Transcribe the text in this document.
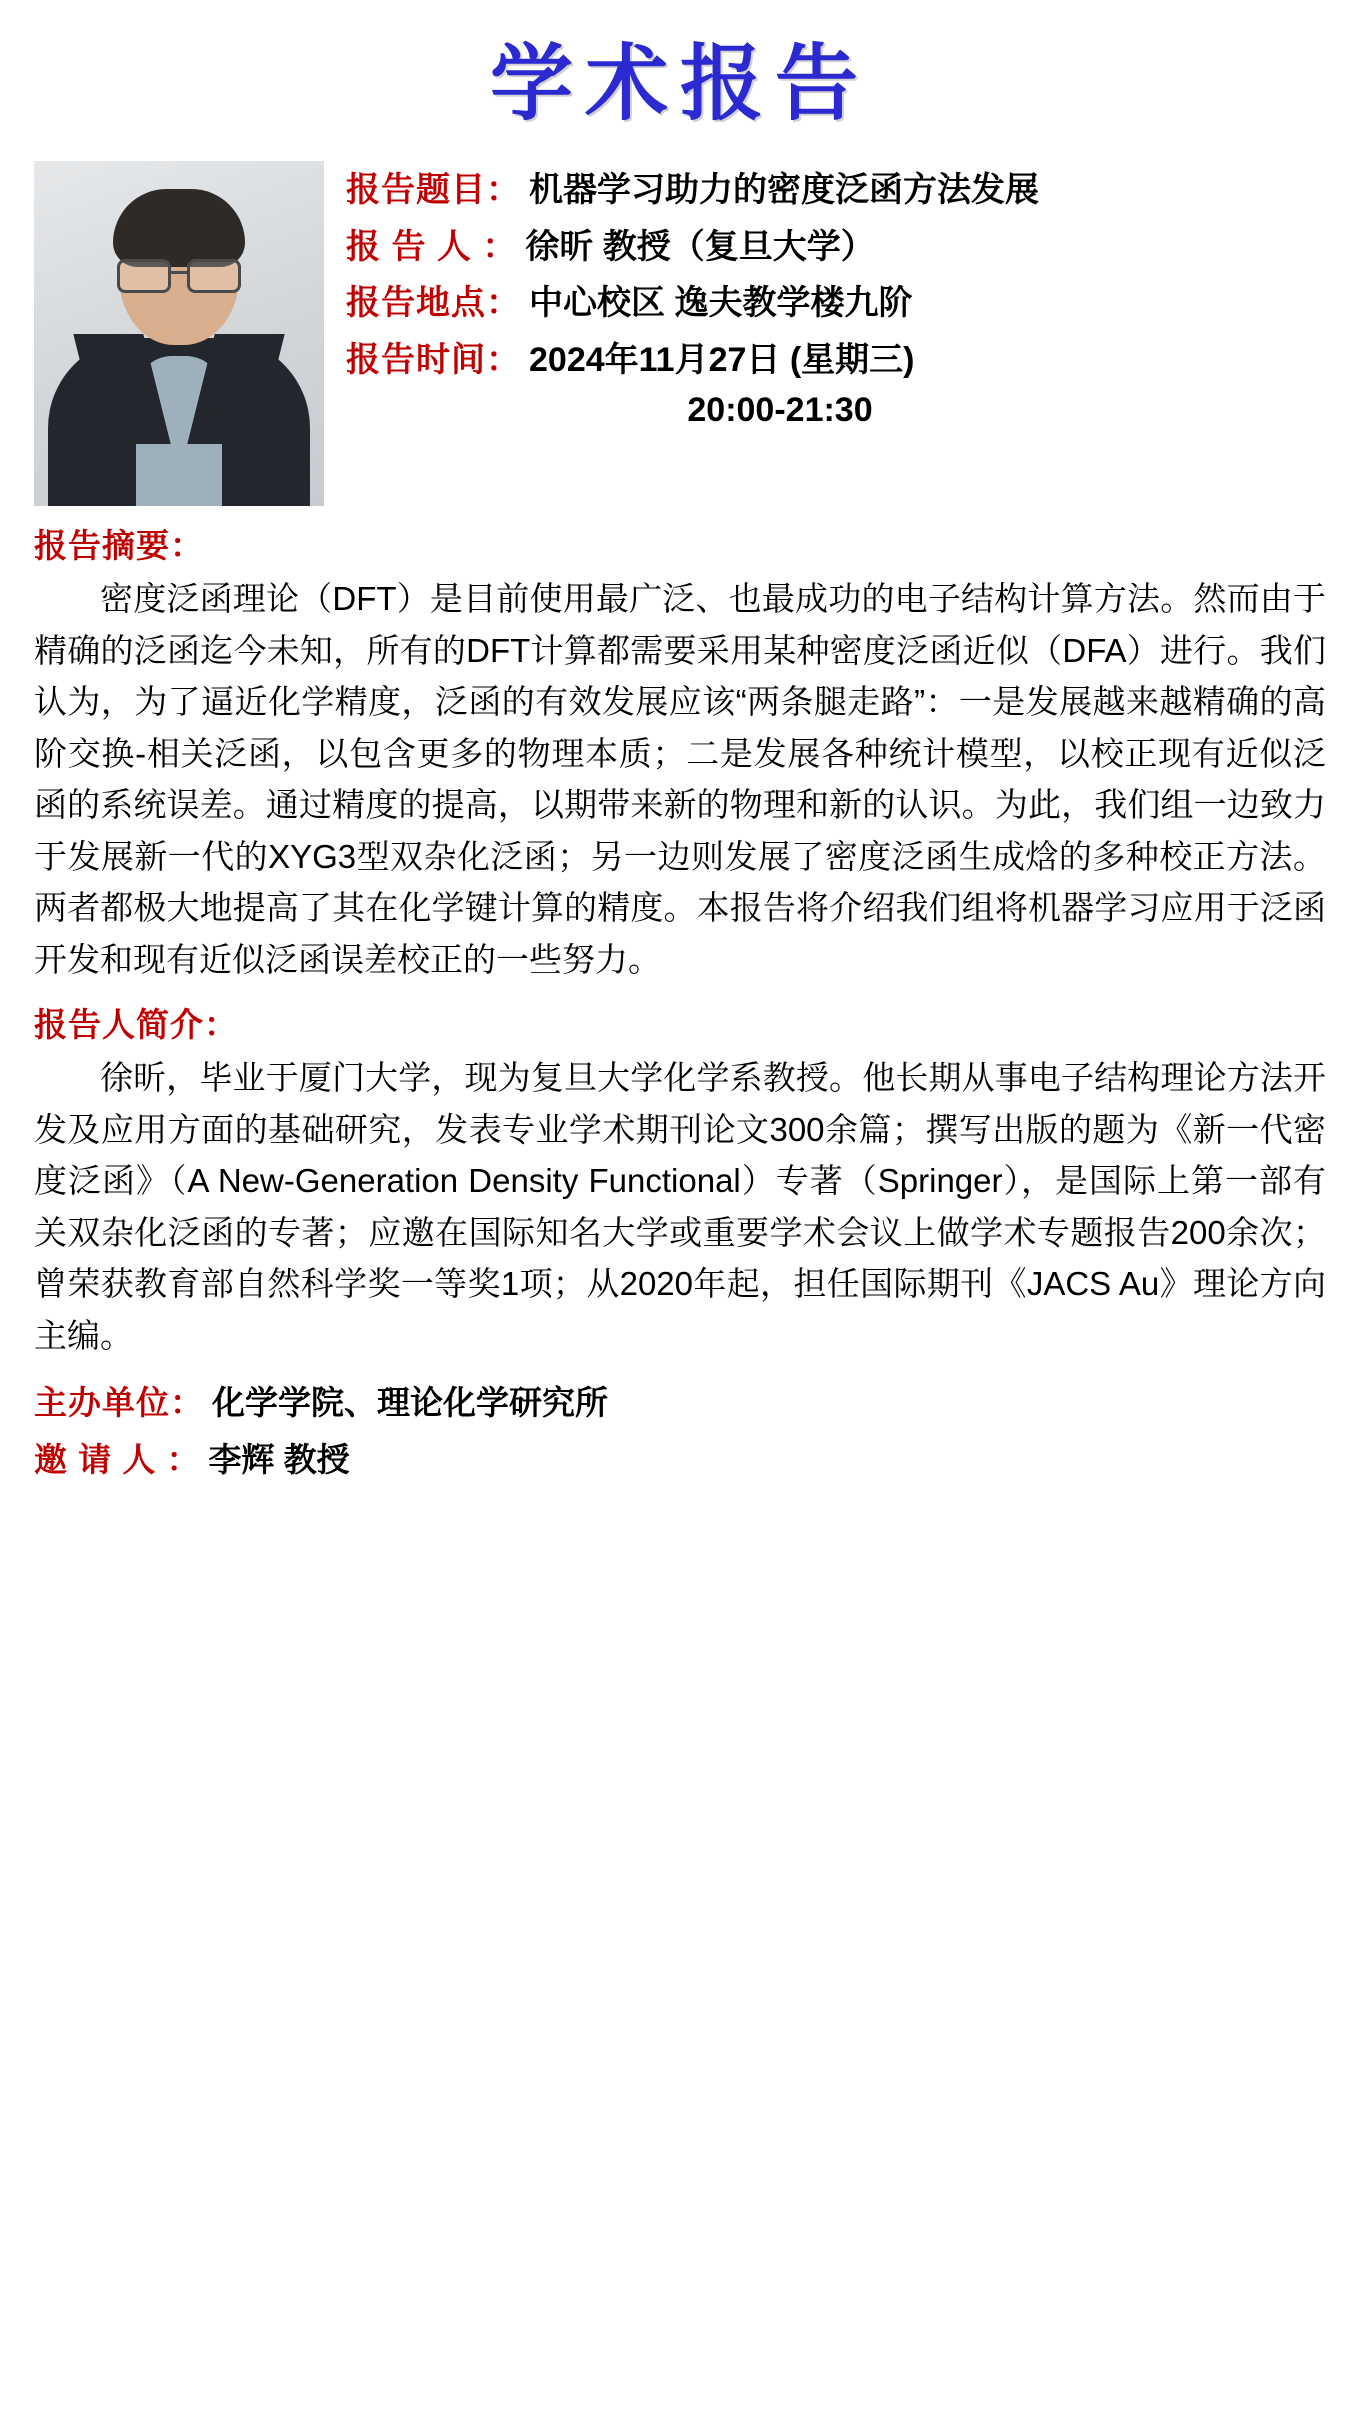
学术报告
报告题目： 机器学习助力的密度泛函方法发展
报 告 人 ： 徐昕 教授（复旦大学）
报告地点： 中心校区 逸夫教学楼九阶
报告时间： 2024年11月27日 (星期三)
20:00-21:30
报告摘要：

密度泛函理论（DFT）是目前使用最广泛、也最成功的电子结构计算方法。然而由于精确的泛函迄今未知，所有的DFT计算都需要采用某种密度泛函近似（DFA）进行。我们认为，为了逼近化学精度，泛函的有效发展应该“两条腿走路”：一是发展越来越精确的高阶交换-相关泛函，以包含更多的物理本质；二是发展各种统计模型，以校正现有近似泛函的系统误差。通过精度的提高，以期带来新的物理和新的认识。为此，我们组一边致力于发展新一代的XYG3型双杂化泛函；另一边则发展了密度泛函生成焓的多种校正方法。两者都极大地提高了其在化学键计算的精度。本报告将介绍我们组将机器学习应用于泛函开发和现有近似泛函误差校正的一些努力。

报告人简介：

徐昕，毕业于厦门大学，现为复旦大学化学系教授。他长期从事电子结构理论方法开发及应用方面的基础研究，发表专业学术期刊论文300余篇；撰写出版的题为《新一代密度泛函》（A New-Generation Density Functional）专著（Springer），是国际上第一部有关双杂化泛函的专著；应邀在国际知名大学或重要学术会议上做学术专题报告200余次；曾荣获教育部自然科学奖一等奖1项；从2020年起，担任国际期刊《JACS Au》理论方向主编。

主办单位： 化学学院、理论化学研究所
邀 请 人 ： 李辉 教授
